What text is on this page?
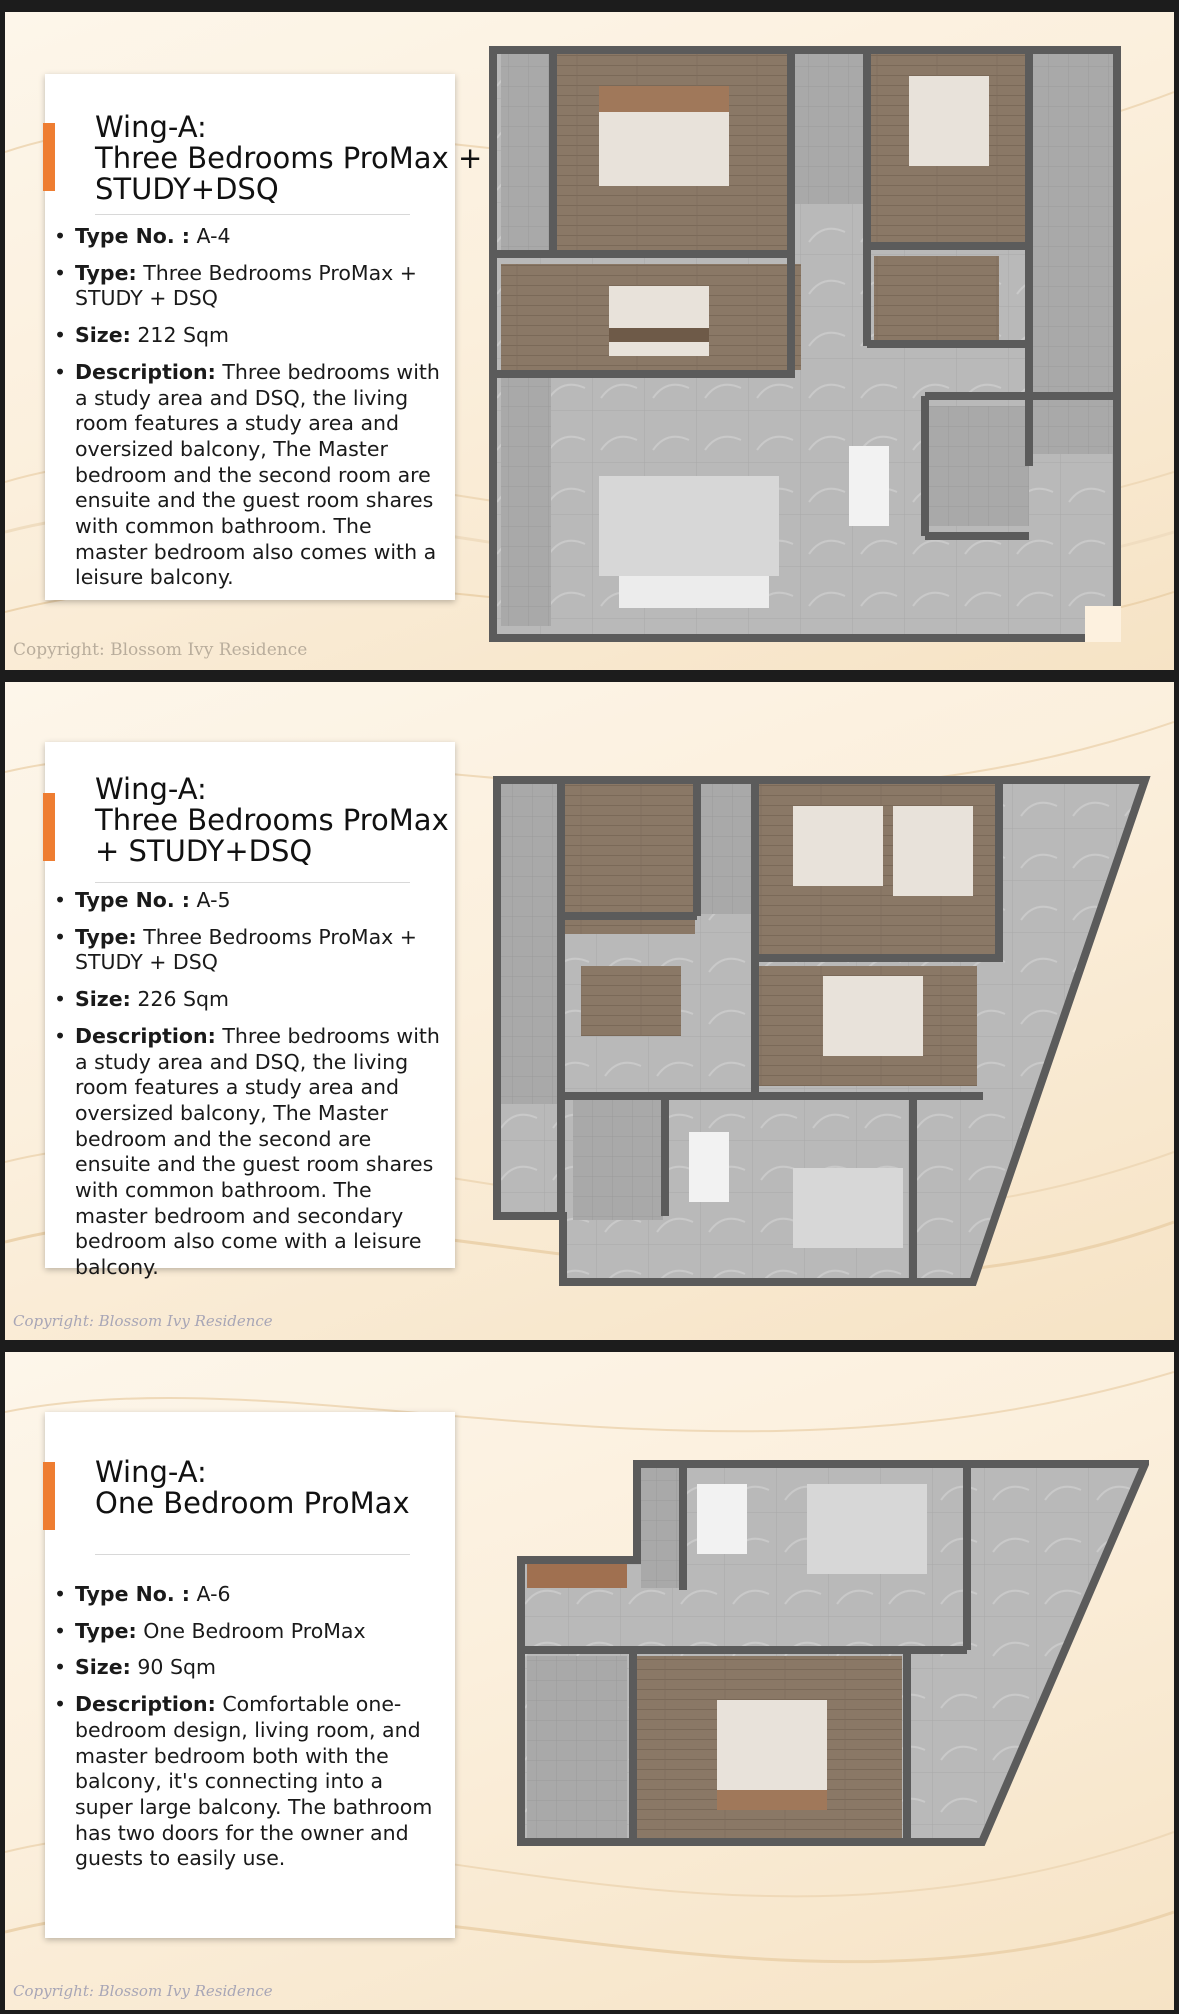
Wing-A:
Three Bedrooms ProMax +
STUDY+DSQ
• Type No. : A-4
• Type: Three Bedrooms ProMax + STUDY + DSQ
• Size: 212 Sqm
• Description: Three bedrooms with a study area and DSQ, the living room features a study area and oversized balcony, The Master bedroom and the second room are ensuite and the guest room shares with common bathroom. The master bedroom also comes with a leisure balcony.
Copyright: Blossom Ivy Residence
Wing-A:
Three Bedrooms ProMax
+ STUDY+DSQ
• Type No. : A-5
• Type: Three Bedrooms ProMax + STUDY + DSQ
• Size: 226 Sqm
• Description: Three bedrooms with a study area and DSQ, the living room features a study area and oversized balcony, The Master bedroom and the second are ensuite and the guest room shares with common bathroom. The master bedroom and secondary bedroom also come with a leisure balcony.
Copyright: Blossom Ivy Residence
Wing-A:
One Bedroom ProMax
• Type No. : A-6
• Type: One Bedroom ProMax
• Size: 90 Sqm
• Description: Comfortable one-bedroom design, living room, and master bedroom both with the balcony, it's connecting into a super large balcony. The bathroom has two doors for the owner and guests to easily use.
Copyright: Blossom Ivy Residence
